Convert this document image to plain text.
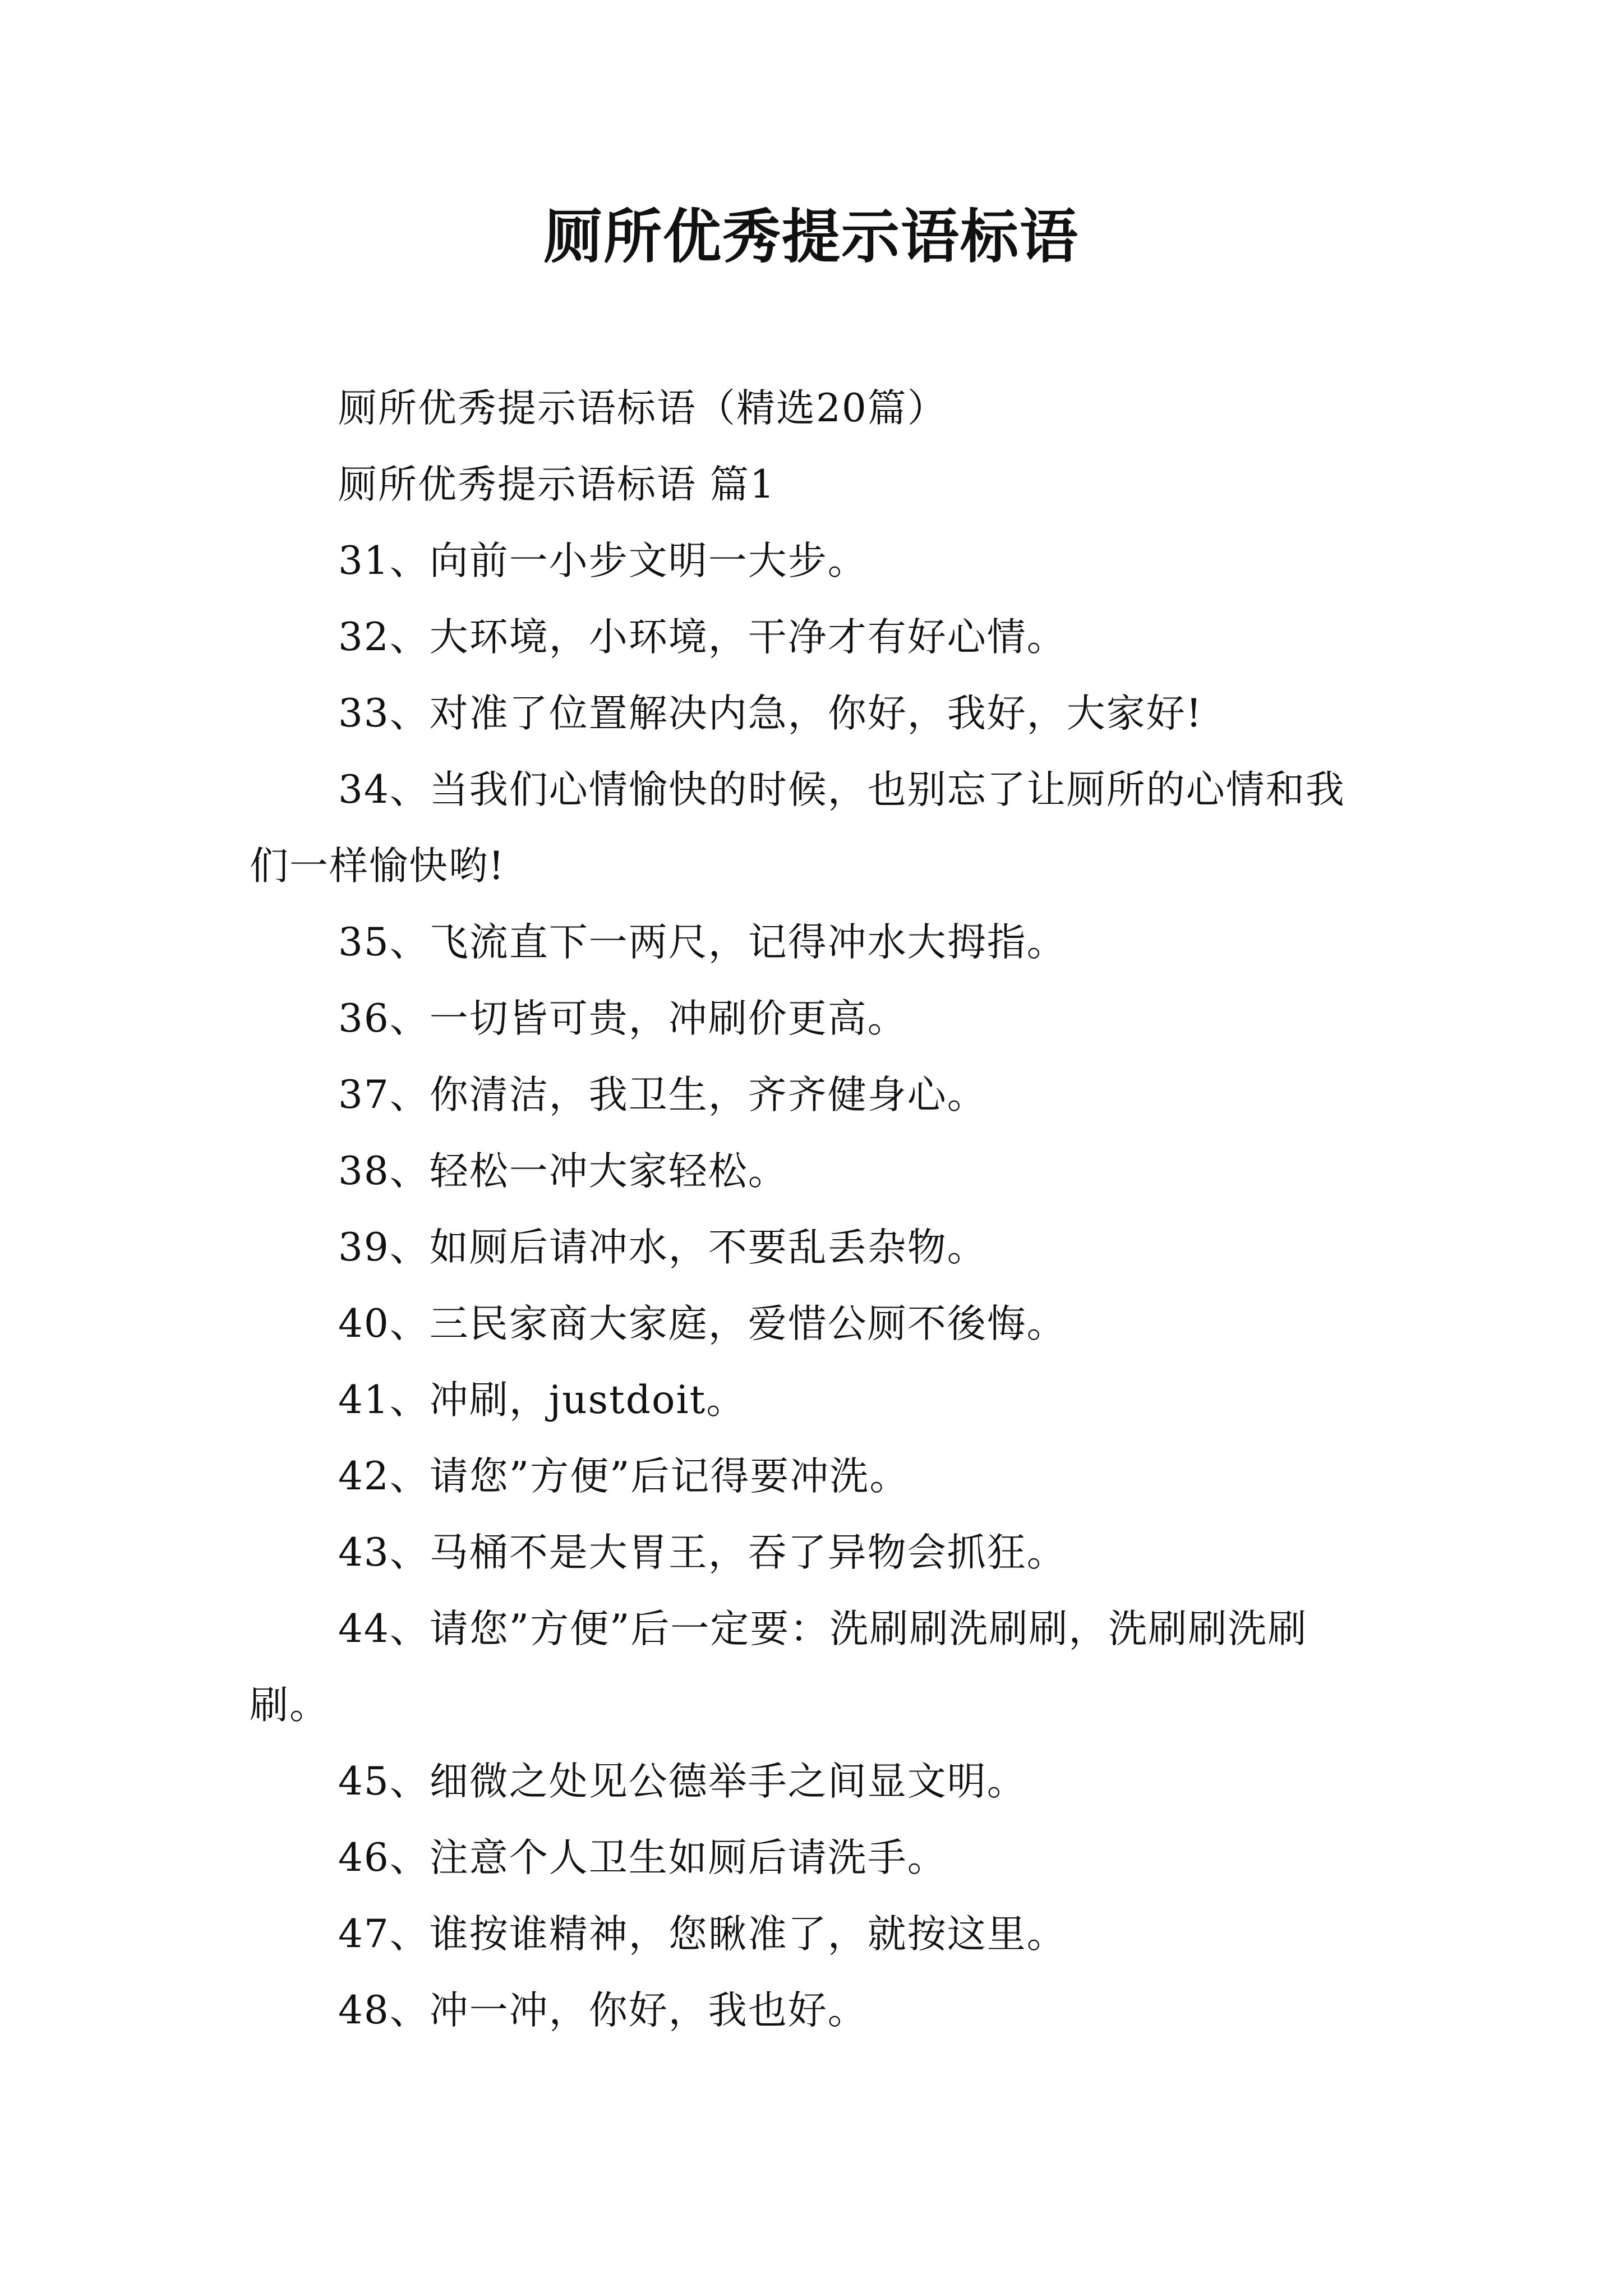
厕所优秀提示语标语

厕所优秀提示语标语（精选20篇）

厕所优秀提示语标语 篇1

31、向前一小步文明一大步。

32、大环境，小环境，干净才有好心情。

33、对准了位置解决内急，你好，我好，大家好!

34、当我们心情愉快的时候，也别忘了让厕所的心情和我们一样愉快哟!

35、飞流直下一两尺，记得冲水大拇指。

36、一切皆可贵，冲刷价更高。

37、你清洁，我卫生，齐齐健身心。

38、轻松一冲大家轻松。

39、如厕后请冲水，不要乱丢杂物。

40、三民家商大家庭，爱惜公厕不後悔。

41、冲刷，justdoit。

42、请您”方便”后记得要冲洗。

43、马桶不是大胃王，吞了异物会抓狂。

44、请您”方便”后一定要：洗刷刷洗刷刷，洗刷刷洗刷刷。

45、细微之处见公德举手之间显文明。

46、注意个人卫生如厕后请洗手。

47、谁按谁精神，您瞅准了，就按这里。

48、冲一冲，你好，我也好。
